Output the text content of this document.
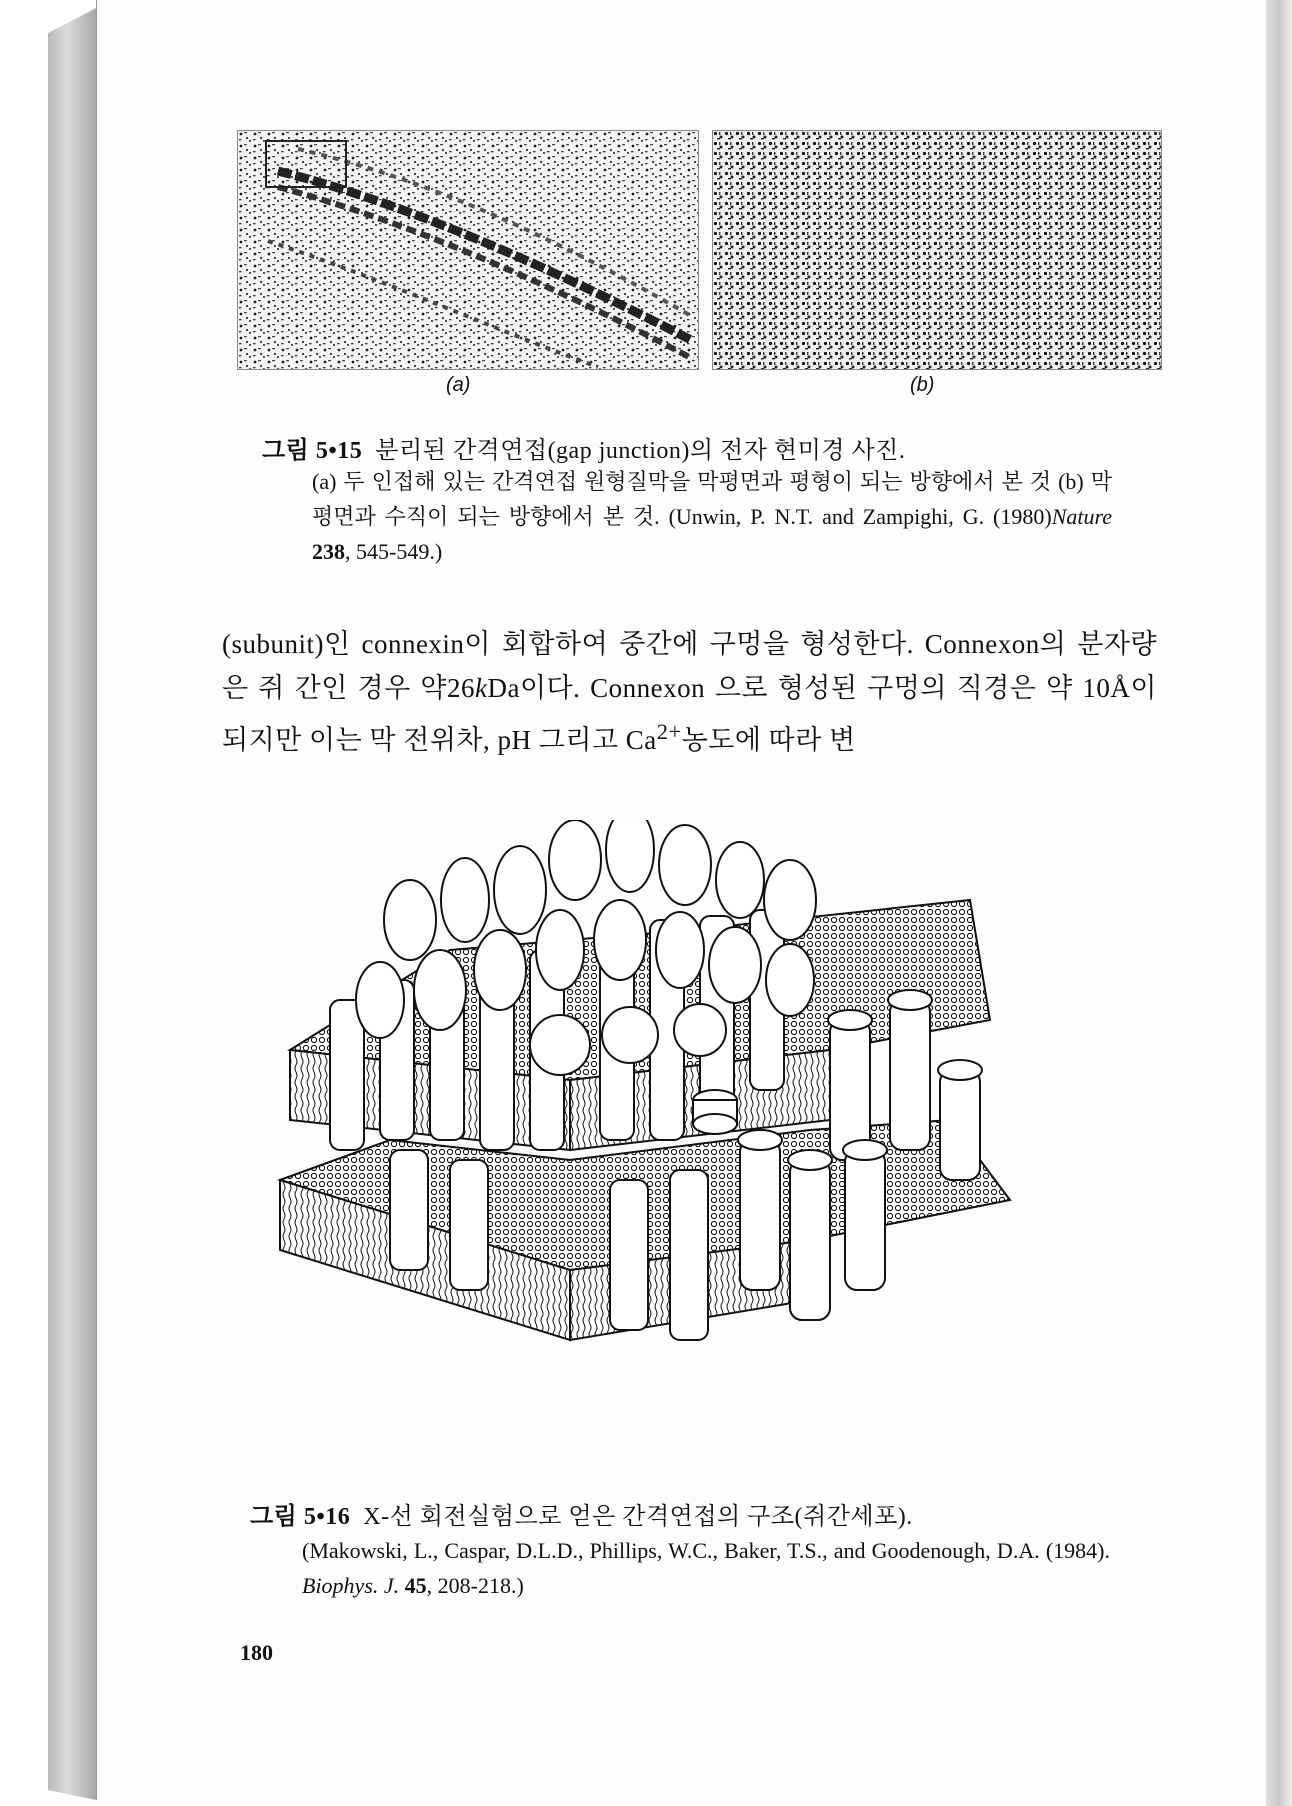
(a)	(b)
그림 5•15 분리된 간격연접(gap junction)의 전자 현미경 사진.
(a) 두 인접해 있는 간격연접 원형질막을 막평면과 평형이 되는 방향에서 본 것 (b) 막평면과 수직이 되는 방향에서 본 것. (Unwin, P. N.T. and Zampighi, G. (1980)Nature 238, 545-549.)
(subunit)인 connexin이 회합하여 중간에 구멍을 형성한다. Connexon의 분자량은 쥐 간인 경우 약26kDa이다. Connexon 으로 형성된 구멍의 직경은 약 10Å이 되지만 이는 막 전위차, pH 그리고 $Ca^{2+}$농도에 따라 변
그림 5•16 X-선 회전실험으로 얻은 간격연접의 구조(쥐간세포).
(Makowski, L., Caspar, D.L.D., Phillips, W.C., Baker, T.S., and Goodenough, D.A. (1984). Biophys. J. 45, 208-218.)
180
